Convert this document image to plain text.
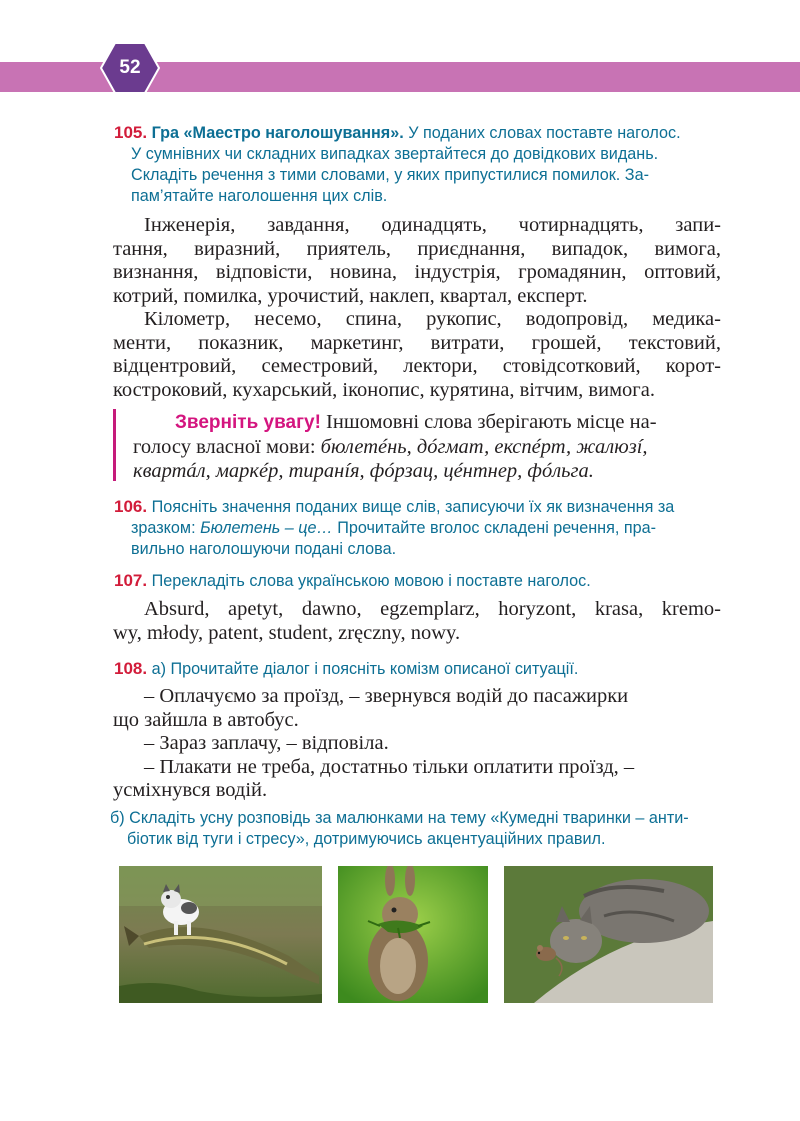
52
105. Гра «Маестро наголошування». У поданих словах поставте наголос.
У сумнівних чи складних випадках звертайтеся до довідкових видань.
Складіть речення з тими словами, у яких припустилися помилок. За-
пам’ятайте наголошення цих слів.
Інженерія, завдання, одинадцять, чотирнадцять, запи-
тання, виразний, приятель, приєднання, випадок, вимога,
визнання, відповісти, новина, індустрія, громадянин, оптовий,
котрий, помилка, урочистий, наклеп, квартал, експерт.
Кілометр, несемо, спина, рукопис, водопровід, медика-
менти, показник, маркетинг, витрати, грошей, текстовий,
відцентровий, семестровий, лектори, стовідсотковий, корот-
костроковий, кухарський, іконопис, курятина, вітчим, вимога.
Зверніть увагу! Іншомовні слова зберігають місце на-
голосу власної мови: бюлетéнь, дóгмат, експéрт, жалюзí,
квартáл, маркéр, тиранíя, фóрзац, цéнтнер, фóльга.
106. Поясніть значення поданих вище слів, записуючи їх як визначення за
зразком: Бюлетень – це… Прочитайте вголос складені речення, пра-
вильно наголошуючи подані слова.
107. Перекладіть слова українською мовою і поставте наголос.
Absurd, apetyt, dawno, egzemplarz, horyzont, krasa, kremo-
wy, młody, patent, student, zręczny, nowy.
108. а) Прочитайте діалог і поясніть комізм описаної ситуації.
– Оплачуємо за проїзд, – звернувся водій до пасажирки
що зайшла в автобус.
– Зараз заплачу, – відповіла.
– Плакати не треба, достатньо тільки оплатити проїзд, –
усміхнувся водій.
б) Складіть усну розповідь за малюнками на тему «Кумедні тваринки – анти-
біотик від туги і стресу», дотримуючись акцентуаційних правил.
